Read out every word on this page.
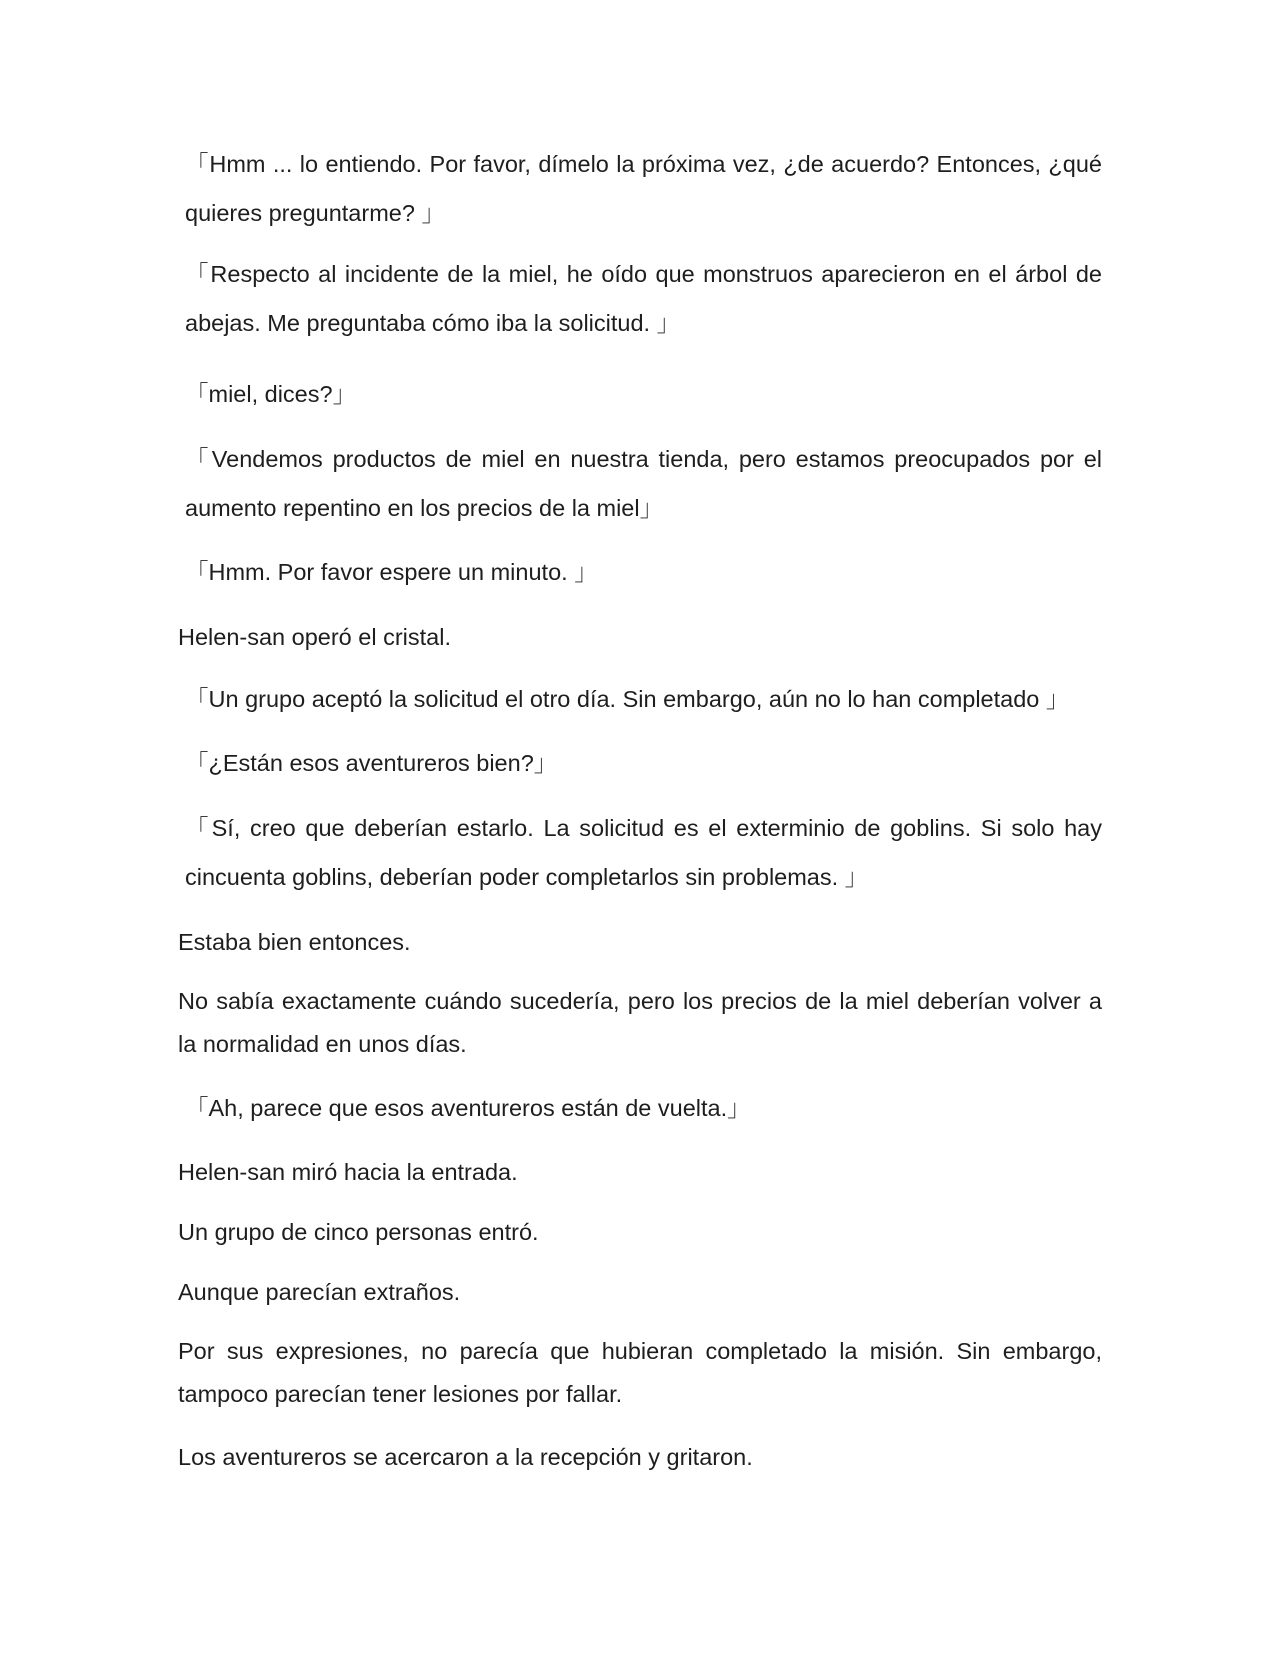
「Hmm ... lo entiendo. Por favor, dímelo la próxima vez, ¿de acuerdo? Entonces, ¿qué quieres preguntarme? 」

「Respecto al incidente de la miel, he oído que monstruos aparecieron en el árbol de abejas. Me preguntaba cómo iba la solicitud. 」

「miel, dices?」

「Vendemos productos de miel en nuestra tienda, pero estamos preocupados por el aumento repentino en los precios de la miel」

「Hmm. Por favor espere un minuto. 」

Helen-san operó el cristal.

「Un grupo aceptó la solicitud el otro día. Sin embargo, aún no lo han completado 」

「¿Están esos aventureros bien?」

「Sí, creo que deberían estarlo. La solicitud es el exterminio de goblins. Si solo hay cincuenta goblins, deberían poder completarlos sin problemas. 」

Estaba bien entonces.

No sabía exactamente cuándo sucedería, pero los precios de la miel deberían volver a la normalidad en unos días.

「Ah, parece que esos aventureros están de vuelta.」

Helen-san miró hacia la entrada.

Un grupo de cinco personas entró.

Aunque parecían extraños.

Por sus expresiones, no parecía que hubieran completado la misión. Sin embargo, tampoco parecían tener lesiones por fallar.

Los aventureros se acercaron a la recepción y gritaron.
